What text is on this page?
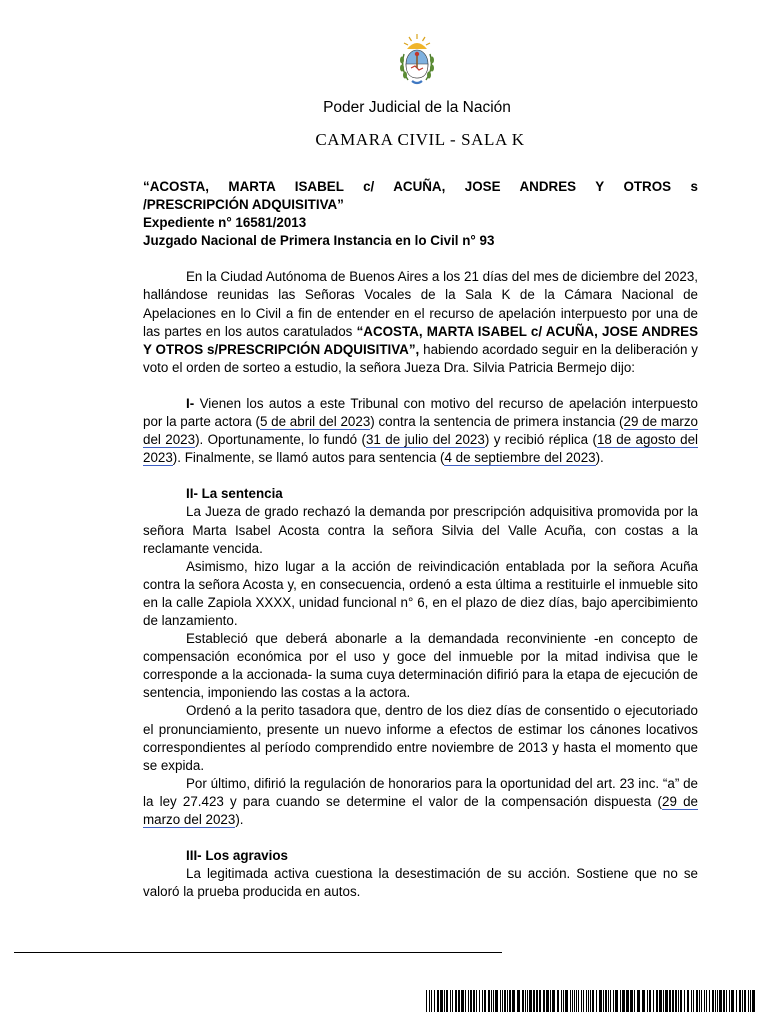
Poder Judicial de la Nación
CAMARA CIVIL - SALA K

“ACOSTA, MARTA ISABEL c/ ACUÑA, JOSE ANDRES Y OTROS s

/PRESCRIPCIÓN ADQUISITIVA”

Expediente n° 16581/2013

Juzgado Nacional de Primera Instancia en lo Civil n° 93

En la Ciudad Autónoma de Buenos Aires a los 21 días del mes de diciembre del 2023, hallándose reunidas las Señoras Vocales de la Sala K de la Cámara Nacional de Apelaciones en lo Civil a fin de entender en el recurso de apelación interpuesto por una de las partes en los autos caratulados “ACOSTA, MARTA ISABEL c/ ACUÑA, JOSE ANDRES Y OTROS s/PRESCRIPCIÓN ADQUISITIVA”, habiendo acordado seguir en la deliberación y voto el orden de sorteo a estudio, la señora Jueza Dra. Silvia Patricia Bermejo dijo:

I- Vienen los autos a este Tribunal con motivo del recurso de apelación interpuesto por la parte actora (5 de abril del 2023) contra la sentencia de primera instancia (29 de marzo del 2023). Oportunamente, lo fundó (31 de julio del 2023) y recibió réplica (18 de agosto del 2023). Finalmente, se llamó autos para sentencia (4 de septiembre del 2023).

II- La sentencia

La Jueza de grado rechazó la demanda por prescripción adquisitiva promovida por la señora Marta Isabel Acosta contra la señora Silvia del Valle Acuña, con costas a la reclamante vencida.

Asimismo, hizo lugar a la acción de reivindicación entablada por la señora Acuña contra la señora Acosta y, en consecuencia, ordenó a esta última a restituirle el inmueble sito en la calle Zapiola XXXX, unidad funcional n° 6, en el plazo de diez días, bajo apercibimiento de lanzamiento.

Estableció que deberá abonarle a la demandada reconviniente -en concepto de compensación económica por el uso y goce del inmueble por la mitad indivisa que le corresponde a la accionada- la suma cuya determinación difirió para la etapa de ejecución de sentencia, imponiendo las costas a la actora.

Ordenó a la perito tasadora que, dentro de los diez días de consentido o ejecutoriado el pronunciamiento, presente un nuevo informe a efectos de estimar los cánones locativos correspondientes al período comprendido entre noviembre de 2013 y hasta el momento que se expida.

Por último, difirió la regulación de honorarios para la oportunidad del art. 23 inc. “a” de la ley 27.423 y para cuando se determine el valor de la compensación dispuesta (29 de marzo del 2023).

III- Los agravios

La legitimada activa cuestiona la desestimación de su acción. Sostiene que no se valoró la prueba producida en autos.
